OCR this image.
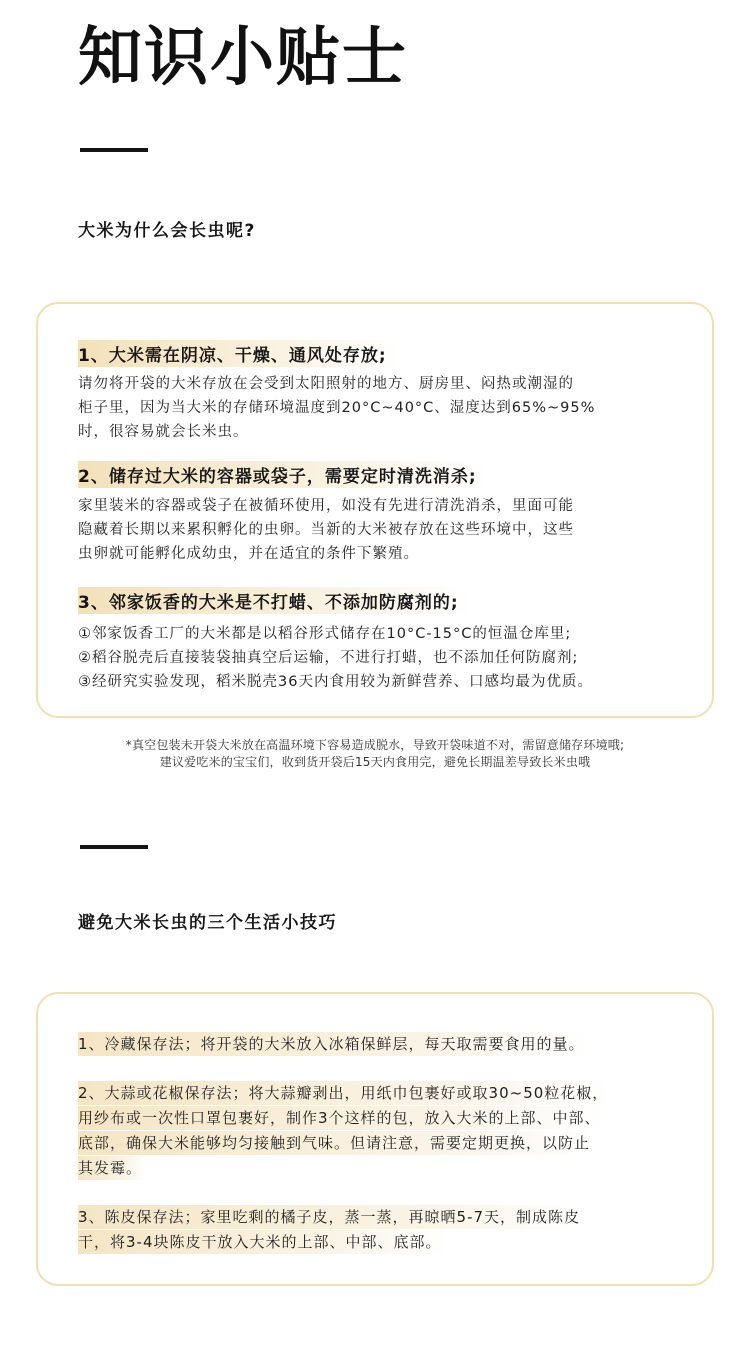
知识小贴士
大米为什么会长虫呢?
1、大米需在阴凉、干燥、通风处存放;
请勿将开袋的大米存放在会受到太阳照射的地方、厨房里、闷热或潮湿的
柜子里，因为当大米的存储环境温度到20°C~40°C、湿度达到65%~95%
时，很容易就会长米虫。
2、储存过大米的容器或袋子，需要定时清洗消杀;
家里装米的容器或袋子在被循环使用，如没有先进行清洗消杀，里面可能
隐藏着长期以来累积孵化的虫卵。当新的大米被存放在这些环境中，这些
虫卵就可能孵化成幼虫，并在适宜的条件下繁殖。
3、邻家饭香的大米是不打蜡、不添加防腐剂的;
①邻家饭香工厂的大米都是以稻谷形式储存在10°C-15°C的恒温仓库里;
②稻谷脱壳后直接装袋抽真空后运输，不进行打蜡，也不添加任何防腐剂;
③经研究实验发现，稻米脱壳36天内食用较为新鲜营养、口感均最为优质。
*真空包装未开袋大米放在高温环境下容易造成脱水，导致开袋味道不对，需留意储存环境哦;
建议爱吃米的宝宝们，收到货开袋后15天内食用完，避免长期温差导致长米虫哦
避免大米长虫的三个生活小技巧
1、冷藏保存法；将开袋的大米放入冰箱保鲜层，每天取需要食用的量。
2、大蒜或花椒保存法；将大蒜瓣剥出，用纸巾包裹好或取30~50粒花椒，
用纱布或一次性口罩包裹好，制作3个这样的包，放入大米的上部、中部、
底部，确保大米能够均匀接触到气味。但请注意，需要定期更换，以防止
其发霉。
3、陈皮保存法；家里吃剩的橘子皮，蒸一蒸，再晾晒5-7天，制成陈皮
干，将3-4块陈皮干放入大米的上部、中部、底部。
